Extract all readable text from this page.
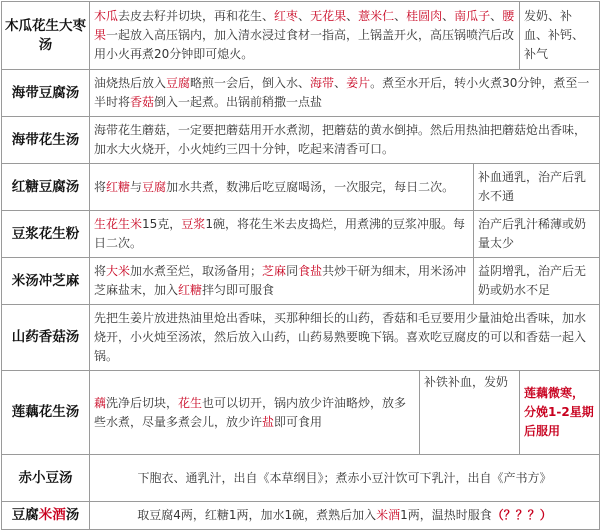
木瓜花生大枣汤	木瓜去皮去籽并切块，再和花生、红枣、无花果、薏米仁、桂圆肉、南瓜子、腰果一起放入高压锅内，加入清水浸过食材一指高，上锅盖开火，高压锅喷汽后改用小火再煮20分钟即可熄火。			发奶、补血、补钙、补气
海带豆腐汤	油烧热后放入豆腐略煎一会后，倒入水、海带、姜片。煮至水开后，转小火煮30分钟，煮至一半时将香菇倒入一起煮。出锅前稍撒一点盐			
海带花生汤	海带花生蘑菇，一定要把蘑菇用开水煮沏，把蘑菇的黄水倒掉。然后用热油把蘑菇炝出香味，加水大火烧开，小火炖约三四十分钟，吃起来清香可口。			
红糖豆腐汤	将红糖与豆腐加水共煮，数沸后吃豆腐喝汤，一次服完，每日二次。		补血通乳，治产后乳水不通	
豆浆花生粉	生花生米15克，豆浆1碗，将花生米去皮捣烂，用煮沸的豆浆冲服。每日二次。		治产后乳汁稀薄或奶量太少	
米汤冲芝麻	将大米加水煮至烂，取汤备用；芝麻同食盐共炒干研为细末，用米汤冲芝麻盐末，加入红糖拌匀即可服食		益阴增乳，治产后无奶或奶水不足	
山药香菇汤	先把生姜片放进热油里炝出香味，买那种细长的山药，香菇和毛豆要用少量油炝出香味，加水烧开，小火炖至汤浓，然后放入山药，山药易熟要晚下锅。喜欢吃豆腐皮的可以和香菇一起入锅。			
莲藕花生汤	藕洗净后切块，花生也可以切开，锅内放少许油略炒，放多些水煮，尽量多煮会儿，放少许盐即可食用	补铁补血，发奶		莲藕微寒，分娩1-2星期后服用
赤小豆汤	下胞衣、通乳汁，出自《本草纲目》；煮赤小豆汁饮可下乳汁，出自《产书方》			
豆腐米酒汤	取豆腐4两，红糖1两，加水1碗，煮熟后加入米酒1两，温热时服食（？？？）			
